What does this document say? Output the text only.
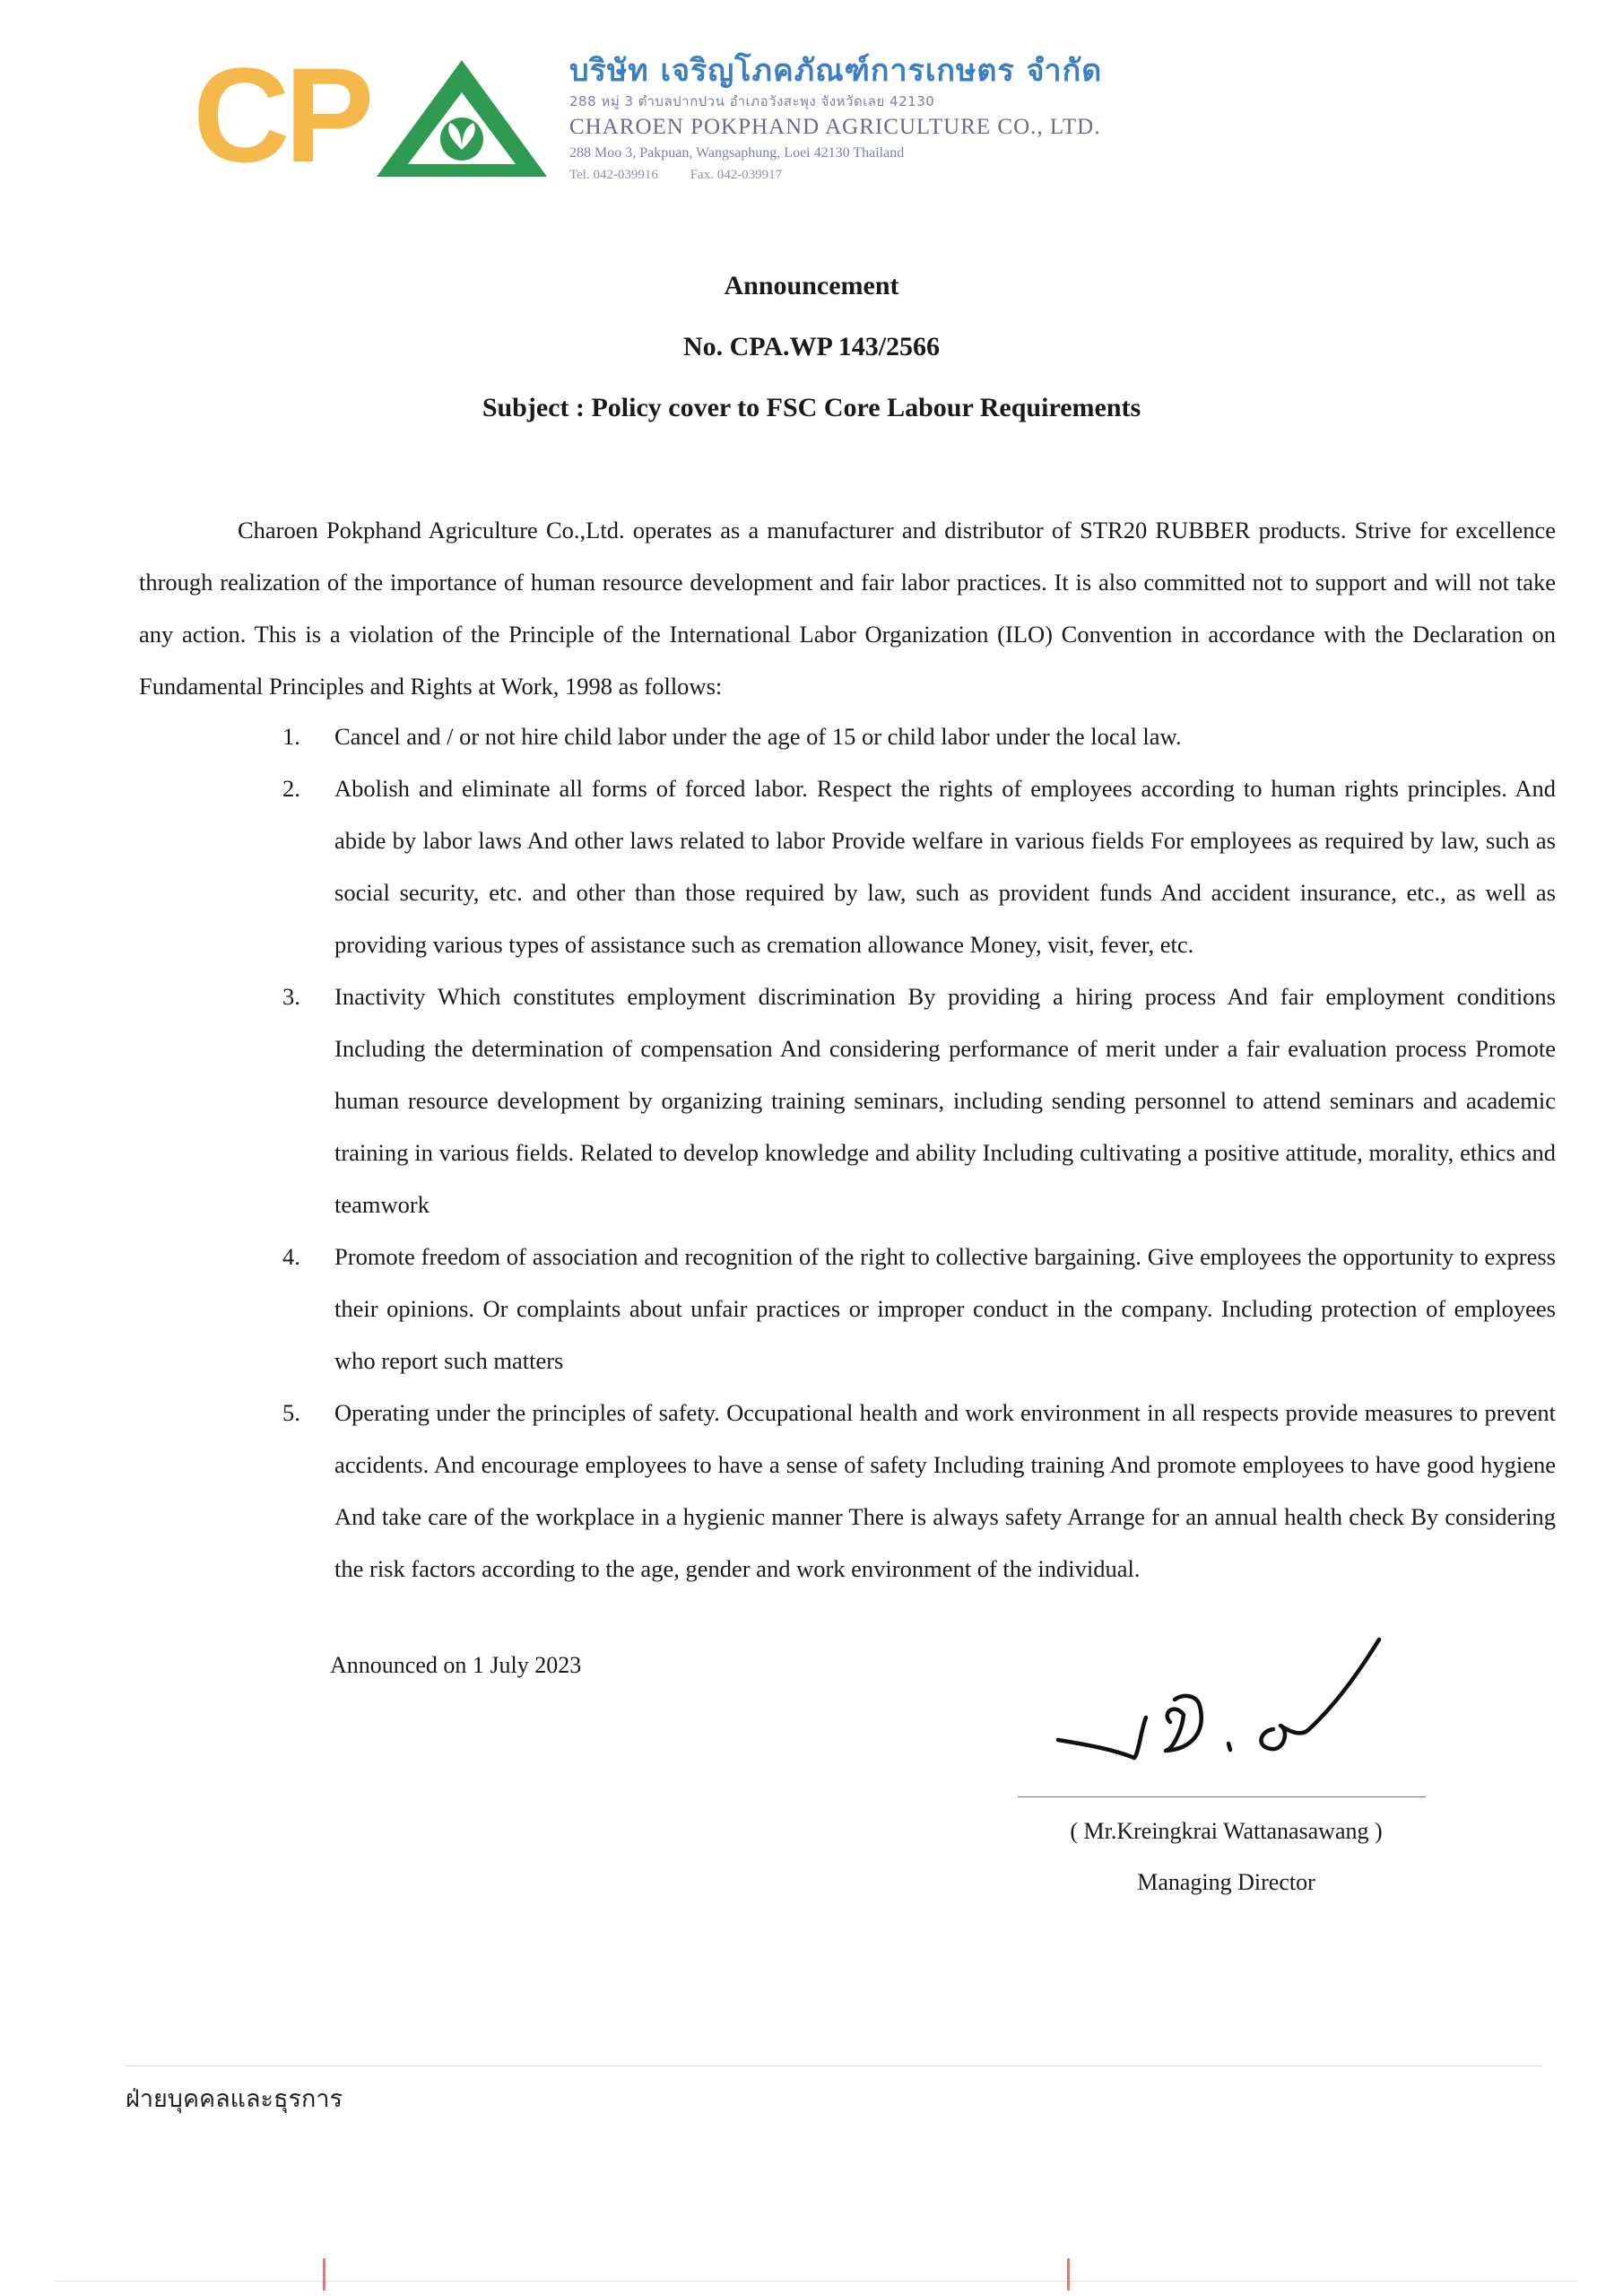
CP	บริษัท เจริญโภคภัณฑ์การเกษตร จำกัด
288 หมู่ 3 ตำบลปากปวน อำเภอวังสะพุง จังหวัดเลย 42130
CHAROEN POKPHAND AGRICULTURE CO., LTD.
288 Moo 3, Pakpuan, Wangsaphung, Loei 42130 Thailand
Tel. 042-039916 Fax. 042-039917
Announcement
No. CPA.WP 143/2566
Subject : Policy cover to FSC Core Labour Requirements

Charoen Pokphand Agriculture Co.,Ltd. operates as a manufacturer and distributor of STR20 RUBBER products. Strive for excellence through realization of the importance of human resource development and fair labor practices. It is also committed not to support and will not take any action. This is a violation of the Principle of the International Labor Organization (ILO) Convention in accordance with the Declaration on Fundamental Principles and Rights at Work, 1998 as follows:

1. Cancel and / or not hire child labor under the age of 15 or child labor under the local law.
2. Abolish and eliminate all forms of forced labor. Respect the rights of employees according to human rights principles. And abide by labor laws And other laws related to labor Provide welfare in various fields For employees as required by law, such as social security, etc. and other than those required by law, such as provident funds And accident insurance, etc., as well as providing various types of assistance such as cremation allowance Money, visit, fever, etc.
3. Inactivity Which constitutes employment discrimination By providing a hiring process And fair employment conditions Including the determination of compensation And considering performance of merit under a fair evaluation process Promote human resource development by organizing training seminars, including sending personnel to attend seminars and academic training in various fields. Related to develop knowledge and ability Including cultivating a positive attitude, morality, ethics and teamwork
4. Promote freedom of association and recognition of the right to collective bargaining. Give employees the opportunity to express their opinions. Or complaints about unfair practices or improper conduct in the company. Including protection of employees who report such matters
5. Operating under the principles of safety. Occupational health and work environment in all respects provide measures to prevent accidents. And encourage employees to have a sense of safety Including training And promote employees to have good hygiene And take care of the workplace in a hygienic manner There is always safety Arrange for an annual health check By considering the risk factors according to the age, gender and work environment of the individual.
Announced on 1 July 2023
( Mr.Kreingkrai Wattanasawang )
Managing Director
ฝ่ายบุคคลและธุรการ
